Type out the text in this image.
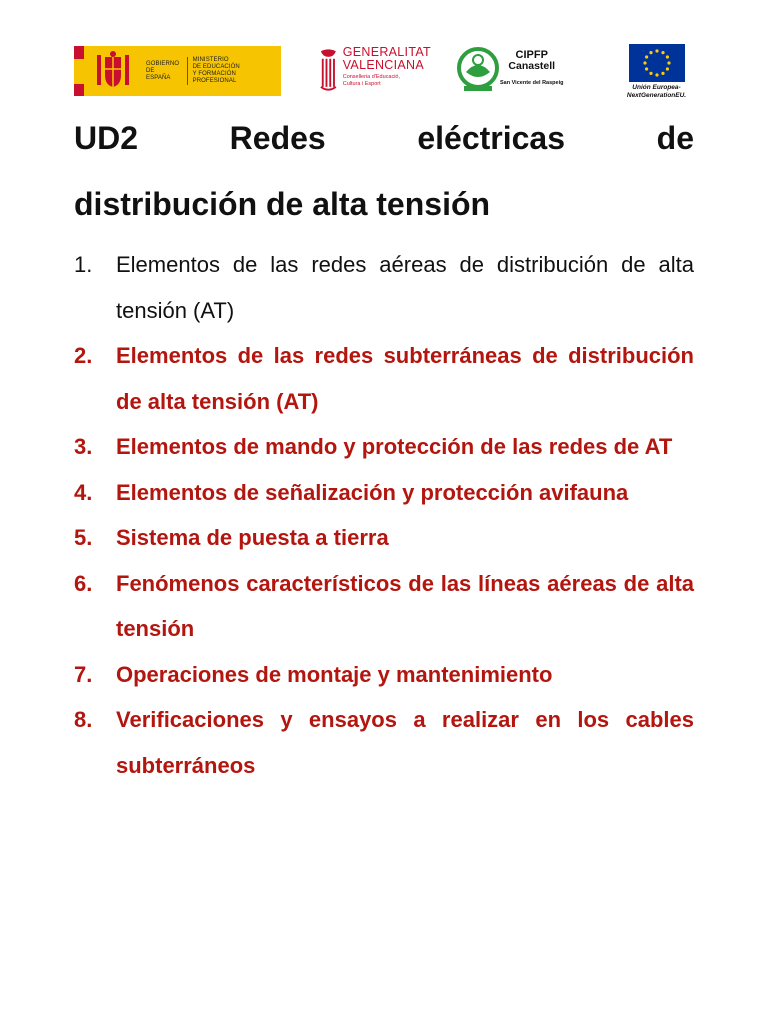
GOBIERNO
DE ESPAÑA
MINISTERIO
DE EDUCACIÓN
Y FORMACIÓN PROFESIONAL
GENERALITAT
VALENCIANA
Conselleria d'Educació,
Cultura i Esport
CIPFP
Canastell
San Vicente del Raspeig
Unión Europea-
NextGenerationEU.
UD2	Redes	eléctricas	de
distribución de alta tensión
1.	Elementos de las redes aéreas de distribución de alta tensión (AT)
2.	Elementos de las redes subterráneas de distribución de alta tensión (AT)
3.	Elementos de mando y protección de las redes de AT
4.	Elementos de señalización y protección avifauna
5.	Sistema de puesta a tierra
6.	Fenómenos característicos de las líneas aéreas de alta tensión
7.	Operaciones de montaje y mantenimiento
8.	Verificaciones y ensayos a realizar en los cables subterráneos
